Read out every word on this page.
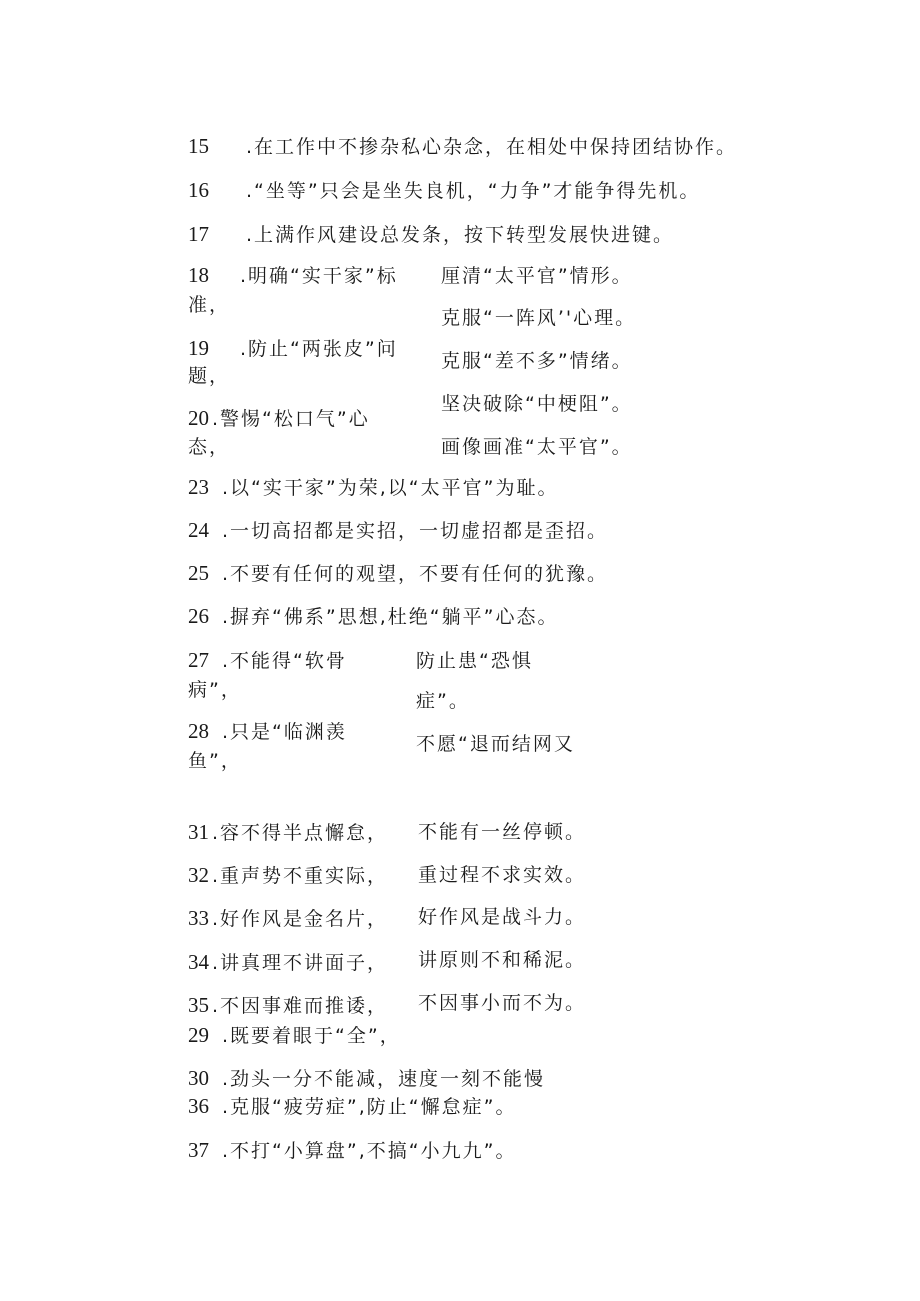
15 .在工作中不掺杂私心杂念，在相处中保持团结协作。
16 .“坐等”只会是坐失良机，“力争”才能争得先机。
17 .上满作风建设总发条，按下转型发展快进键。
18 .明确“实干家”标
准，
厘清“太平官”情形。
克服“一阵风’'心理。
19 .防止“两张皮”问
题，
克服“差不多”情绪。
坚决破除“中梗阻”。
20 .警惕“松口气”心
态，	画像画准“太平官”。
23 .以“实干家”为荣,以“太平官”为耻。
24 .一切高招都是实招，一切虚招都是歪招。
25 .不要有任何的观望，不要有任何的犹豫。
26 .摒弃“佛系”思想,杜绝“躺平”心态。
27 .不能得“软骨
病”，
防止患“恐惧
症”。
28 .只是“临渊羡
鱼”，
不愿“退而结网又
31 .容不得半点懈怠， 不能有一丝停顿。
32 .重声势不重实际， 重过程不求实效。
33 .好作风是金名片， 好作风是战斗力。
34 .讲真理不讲面子， 讲原则不和稀泥。
35 .不因事难而推诿， 不因事小而不为。
29 .既要着眼于“全”，
30 .劲头一分不能减，速度一刻不能慢
36 .克服“疲劳症”,防止“懈怠症”。
37 .不打“小算盘”,不搞“小九九”。
